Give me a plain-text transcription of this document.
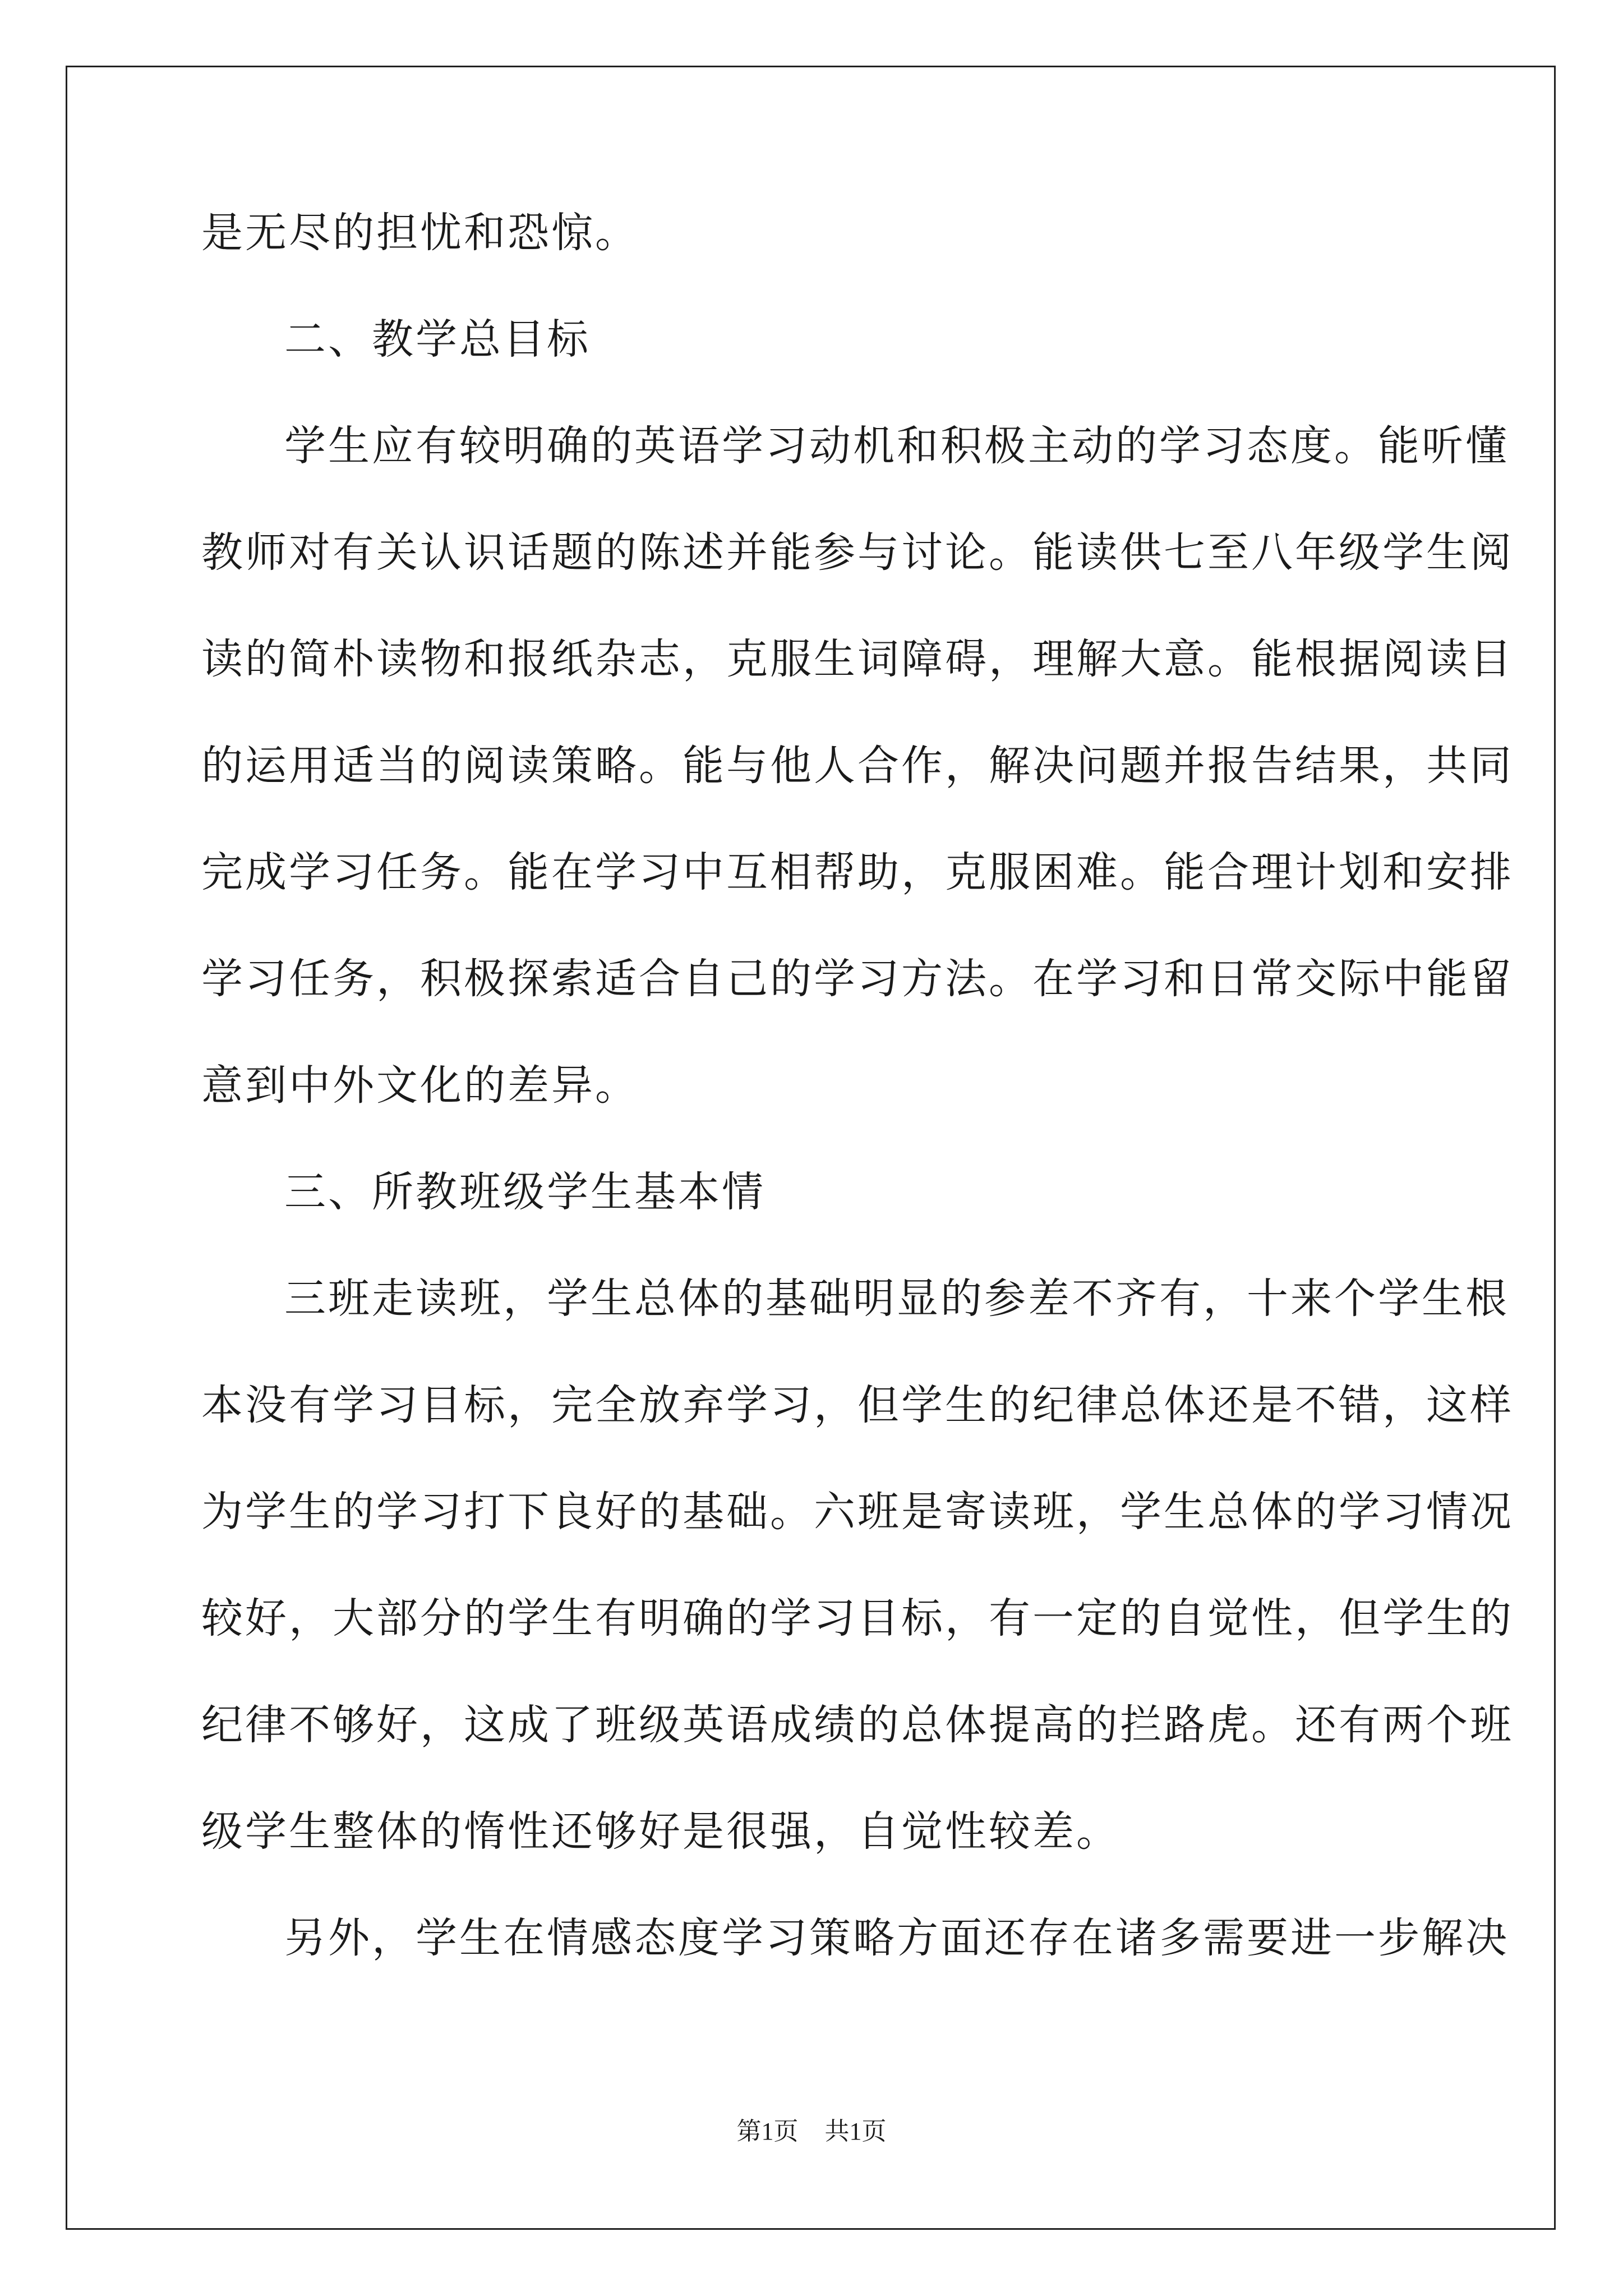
是无尽的担忧和恐惊。
二、教学总目标
学生应有较明确的英语学习动机和积极主动的学习态度。能听懂
教师对有关认识话题的陈述并能参与讨论。能读供七至八年级学生阅
读的简朴读物和报纸杂志，克服生词障碍，理解大意。能根据阅读目
的运用适当的阅读策略。能与他人合作，解决问题并报告结果，共同
完成学习任务。能在学习中互相帮助，克服困难。能合理计划和安排
学习任务，积极探索适合自己的学习方法。在学习和日常交际中能留
意到中外文化的差异。
三、所教班级学生基本情
三班走读班，学生总体的基础明显的参差不齐有，十来个学生根
本没有学习目标，完全放弃学习，但学生的纪律总体还是不错，这样
为学生的学习打下良好的基础。六班是寄读班，学生总体的学习情况
较好，大部分的学生有明确的学习目标，有一定的自觉性，但学生的
纪律不够好，这成了班级英语成绩的总体提高的拦路虎。还有两个班
级学生整体的惰性还够好是很强，自觉性较差。
另外，学生在情感态度学习策略方面还存在诸多需要进一步解决
第1页 共1页
